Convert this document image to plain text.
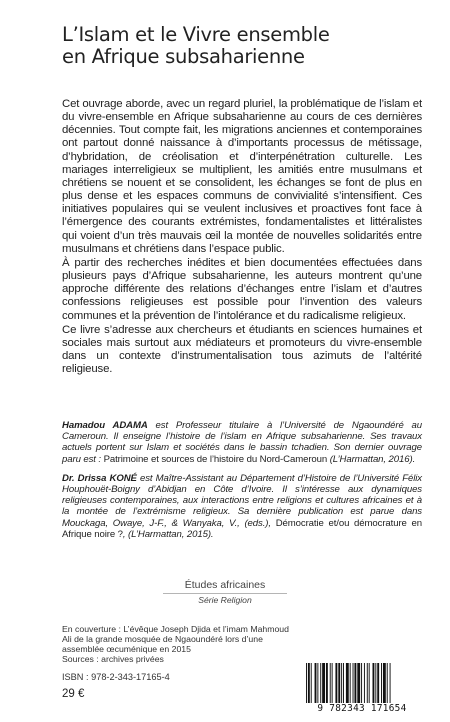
L’Islam et le Vivre ensemble
en Afrique subsaharienne

Cet ouvrage aborde, avec un regard pluriel, la problématique de l’islam et du vivre-ensemble en Afrique subsaharienne au cours de ces dernières décennies. Tout compte fait, les migrations anciennes et contemporaines ont partout donné naissance à d’importants processus de métissage, d’hybridation, de créolisation et d’interpénétration culturelle. Les mariages interreligieux se multiplient, les amitiés entre musulmans et chrétiens se nouent et se consolident, les échanges se font de plus en plus dense et les espaces communs de convivialité s’intensifient. Ces initiatives populaires qui se veulent inclusives et proactives font face à l’émergence des courants extrémistes, fondamentalistes et littéralistes qui voient d’un très mauvais œil la montée de nouvelles solidarités entre musulmans et chrétiens dans l’espace public.

À partir des recherches inédites et bien documentées effectuées dans plusieurs pays d’Afrique subsaharienne, les auteurs montrent qu’une approche différente des relations d’échanges entre l’islam et d’autres confessions religieuses est possible pour l’invention des valeurs communes et la prévention de l’intolérance et du radicalisme religieux.

Ce livre s’adresse aux chercheurs et étudiants en sciences humaines et sociales mais surtout aux médiateurs et promoteurs du vivre-ensemble dans un contexte d’instrumentalisation tous azimuts de l’altérité religieuse.

Hamadou ADAMA est Professeur titulaire à l’Université de Ngaoundéré au Cameroun. Il enseigne l’histoire de l’islam en Afrique subsaharienne. Ses travaux actuels portent sur Islam et sociétés dans le bassin tchadien. Son dernier ouvrage paru est : Patrimoine et sources de l’histoire du Nord-Cameroun (L’Harmattan, 2016).

Dr. Drissa KONÉ est Maître-Assistant au Département d’Histoire de l’Université Félix Houphouët-Boigny d’Abidjan en Côte d’Ivoire. Il s’intéresse aux dynamiques religieuses contemporaines, aux interactions entre religions et cultures africaines et à la montée de l’extrémisme religieux. Sa dernière publication est parue dans Mouckaga, Owaye, J-F., & Wanyaka, V., (eds.), Démocratie et/ou démocrature en Afrique noire ?, (L’Harmattan, 2015).

Études africaines
Série Religion
En couverture : L’évêque Joseph Djida et l’imam Mahmoud
Ali de la grande mosquée de Ngaoundéré lors d’une
assemblée œcuménique en 2015
Sources : archives privées
ISBN : 978-2-343-17165-4
29 €
9 782343 171654
